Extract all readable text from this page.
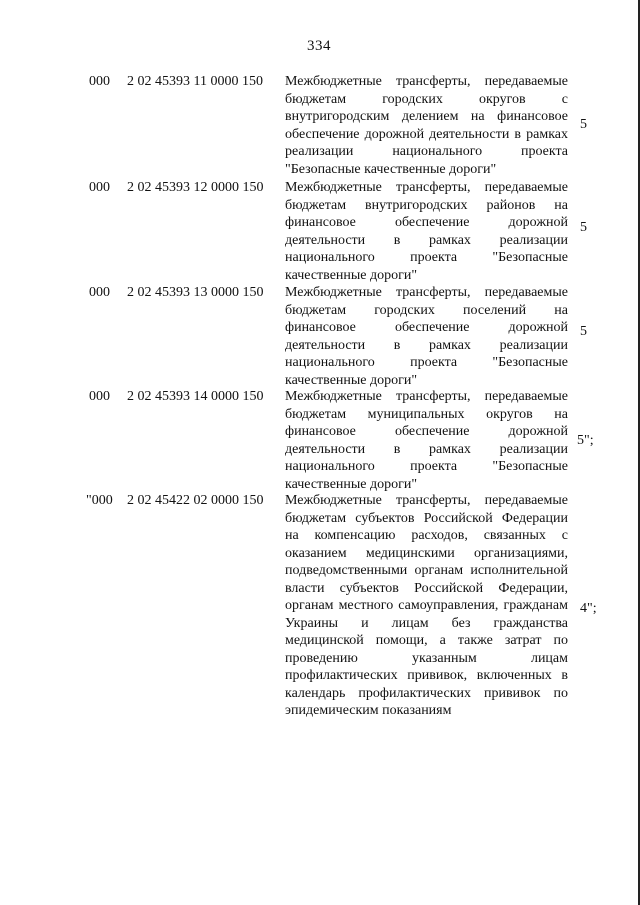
334
000 2 02 45393 11 0000 150 Межбюджетные трансферты, передаваемые бюджетам городских округов с внутригородским делением на финансовое обеспечение дорожной деятельности в рамках реализации национального проекта "Безопасные качественные дороги"
5
000 2 02 45393 12 0000 150 Межбюджетные трансферты, передаваемые бюджетам внутригородских районов на финансовое обеспечение дорожной деятельности в рамках реализации национального проекта "Безопасные качественные дороги"
5
000 2 02 45393 13 0000 150 Межбюджетные трансферты, передаваемые бюджетам городских поселений на финансовое обеспечение дорожной деятельности в рамках реализации национального проекта "Безопасные качественные дороги"
5
000 2 02 45393 14 0000 150 Межбюджетные трансферты, передаваемые бюджетам муниципальных округов на финансовое обеспечение дорожной деятельности в рамках реализации национального проекта "Безопасные качественные дороги"
5";
"000 2 02 45422 02 0000 150 Межбюджетные трансферты, передаваемые бюджетам субъектов Российской Федерации на компенсацию расходов, связанных с оказанием медицинскими организациями, подведомственными органам исполнительной власти субъектов Российской Федерации, органам местного самоуправления, гражданам Украины и лицам без гражданства медицинской помощи, а также затрат по проведению указанным лицам профилактических прививок, включенных в календарь профилактических прививок по эпидемическим показаниям
4";
